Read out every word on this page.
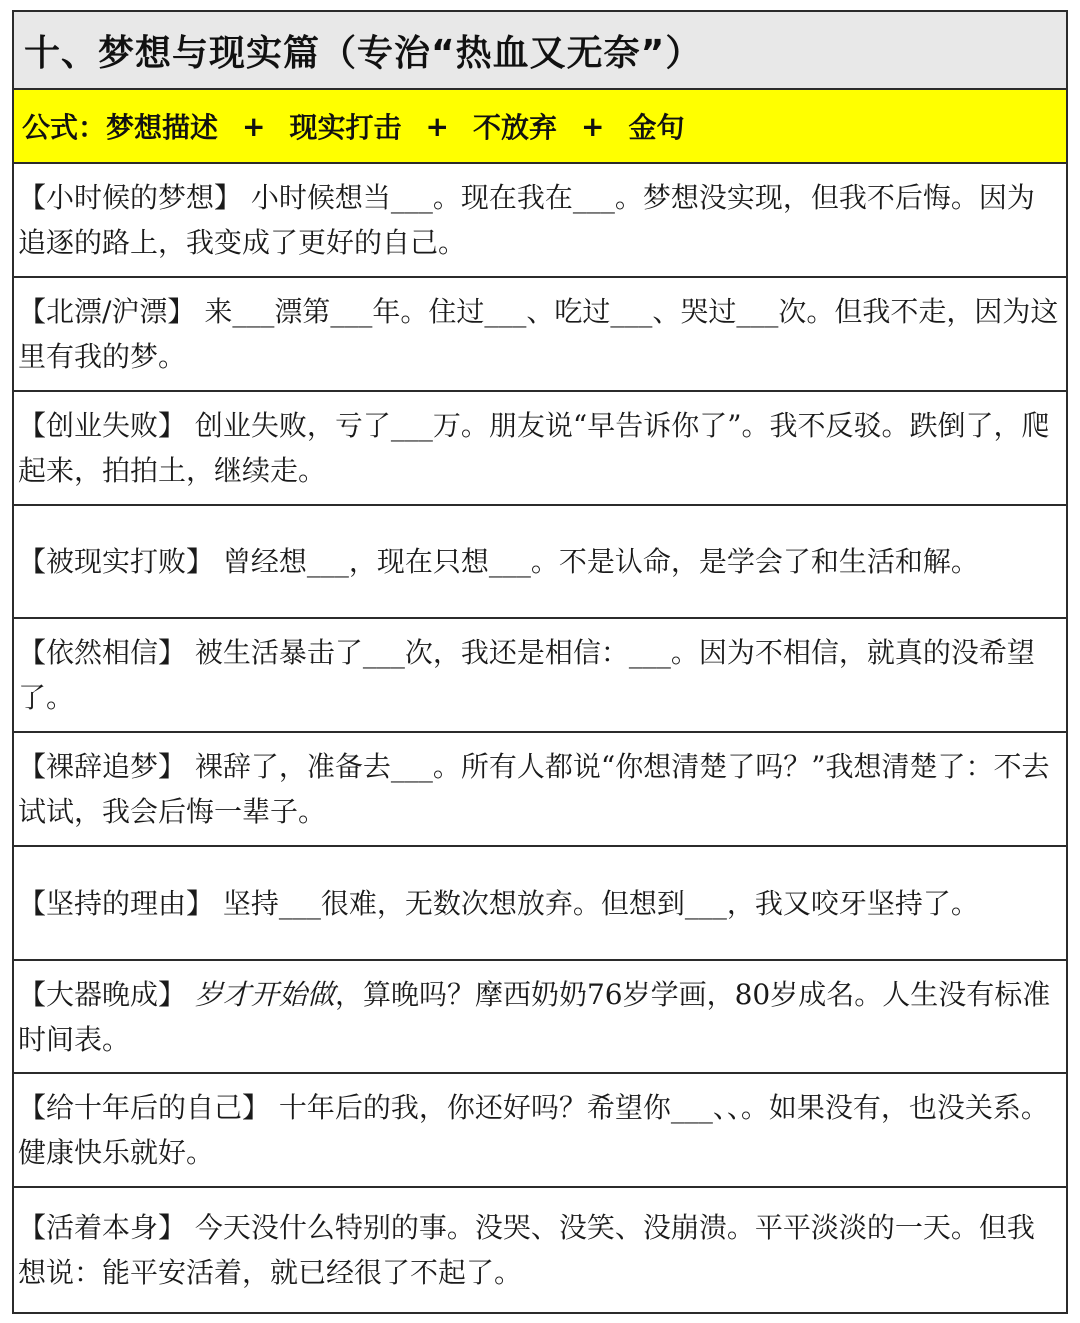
十、梦想与现实篇（专治“热血又无奈”）
公式：梦想描述 + 现实打击 + 不放弃 + 金句
【小时候的梦想】 小时候想当___。现在我在___。梦想没实现，但我不后悔。因为追逐的路上，我变成了更好的自己。
【北漂/沪漂】 来___漂第___年。住过___、吃过___、哭过___次。但我不走，因为这里有我的梦。
【创业失败】 创业失败，亏了___万。朋友说“早告诉你了”。我不反驳。跌倒了，爬起来，拍拍土，继续走。
【被现实打败】 曾经想___，现在只想___。不是认命，是学会了和生活和解。
【依然相信】 被生活暴击了___次，我还是相信：___。因为不相信，就真的没希望了。
【裸辞追梦】 裸辞了，准备去___。所有人都说“你想清楚了吗？”我想清楚了：不去试试，我会后悔一辈子。
【坚持的理由】 坚持___很难，无数次想放弃。但想到___，我又咬牙坚持了。
【大器晚成】 岁才开始做，算晚吗？摩西奶奶76岁学画，80岁成名。人生没有标准时间表。
【给十年后的自己】 十年后的我，你还好吗？希望你___、、。如果没有，也没关系。健康快乐就好。
【活着本身】 今天没什么特别的事。没哭、没笑、没崩溃。平平淡淡的一天。但我想说：能平安活着，就已经很了不起了。
